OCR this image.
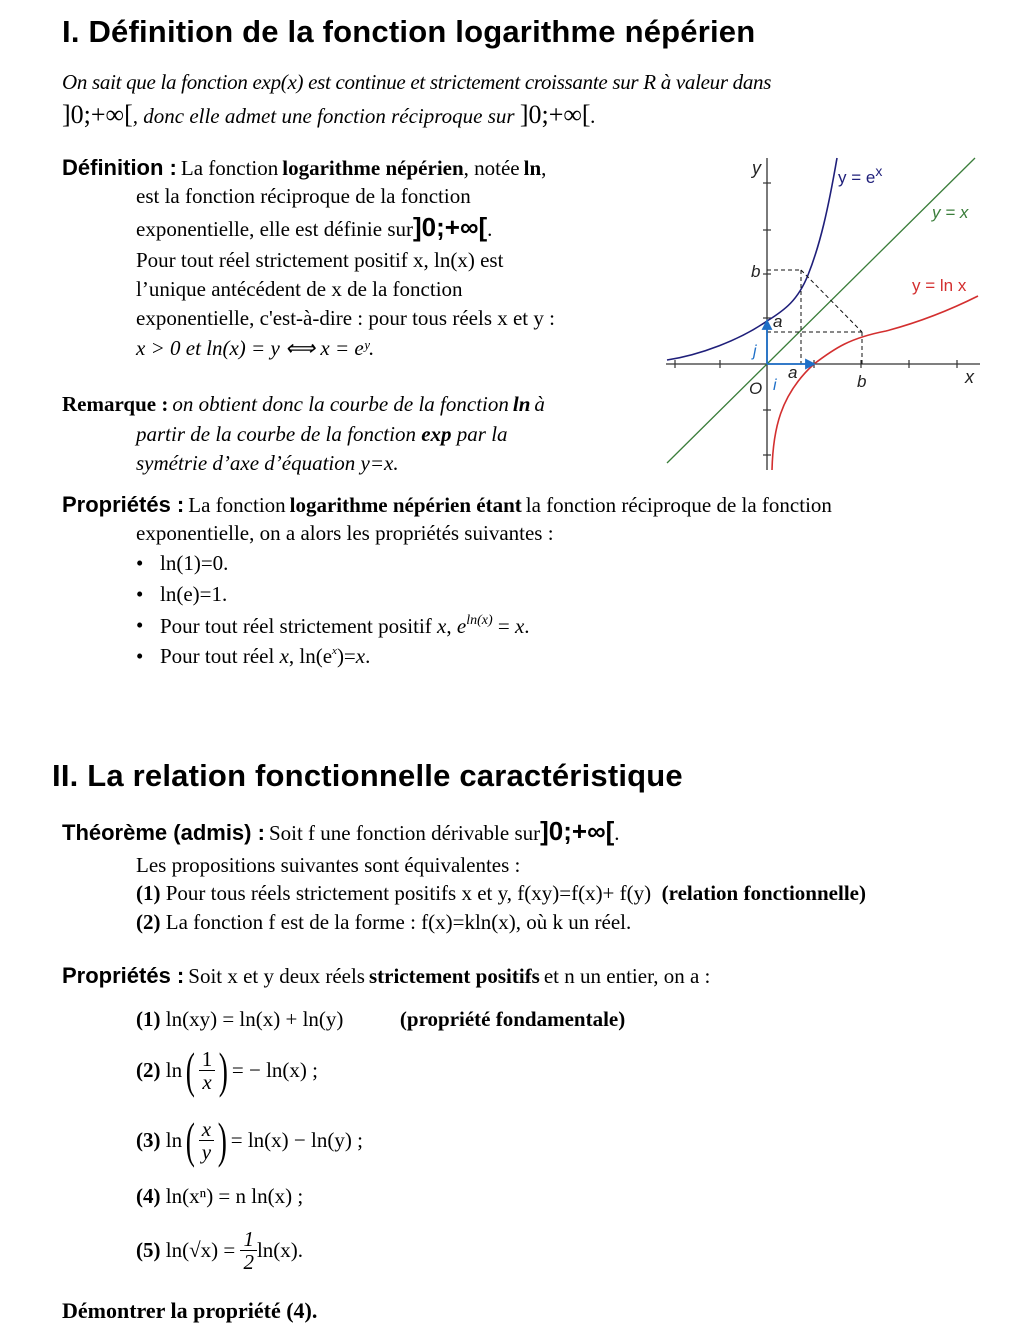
I. Définition de la fonction logarithme népérien
On sait que la fonction exp(x) est continue et strictement croissante sur R à valeur dans
]0;+∞[, donc elle admet une fonction réciproque sur ]0;+∞[.
Définition : La fonction logarithme népérien, notée ln,
est la fonction réciproque de la fonction
exponentielle, elle est définie sur]0;+∞[.
Pour tout réel strictement positif x, ln(x) est
l’unique antécédent de x de la fonction
exponentielle, c'est-à-dire : pour tous réels x et y :
x > 0 et ln(x) = y ⟺ x = eʸ.
Remarque : on obtient donc la courbe de la fonction ln à
partir de la courbe de la fonction exp par la
symétrie d’axe d’équation y=x.
y
x
O
b
a
a	b
i
j
$y = e^x$
y = x
y = ln x
Propriétés : La fonction logarithme népérien étant la fonction réciproque de la fonction
exponentielle, on a alors les propriétés suivantes :
• ln(1)=0.
• ln(e)=1.
• Pour tout réel strictement positif x, $e^{ln(x)} = x$.
• Pour tout réel x, $\ln(e^x)=x$.
II. La relation fonctionnelle caractéristique
Théorème (admis) : Soit f une fonction dérivable sur]0;+∞[.
Les propositions suivantes sont équivalentes :
(1) Pour tous réels strictement positifs x et y, f(xy)=f(x)+ f(y) (relation fonctionnelle)
(2) La fonction f est de la forme : f(x)=kln(x), où k un réel.
Propriétés : Soit x et y deux réels strictement positifs et n un entier, on a :
(1) ln(xy) = ln(x) + ln(y)	(propriété fondamentale)
(2)
ln ( $\frac{1}{x}$ ) = − ln(x) ;
(3)
ln ( $\frac{x}{y}$ ) = ln(x) − ln(y) ;
(4) ln(xⁿ) = n ln(x) ;
(5)
ln(√x) =
$\frac{1}{2} \ln(x)$.
Démontrer la propriété (4).
